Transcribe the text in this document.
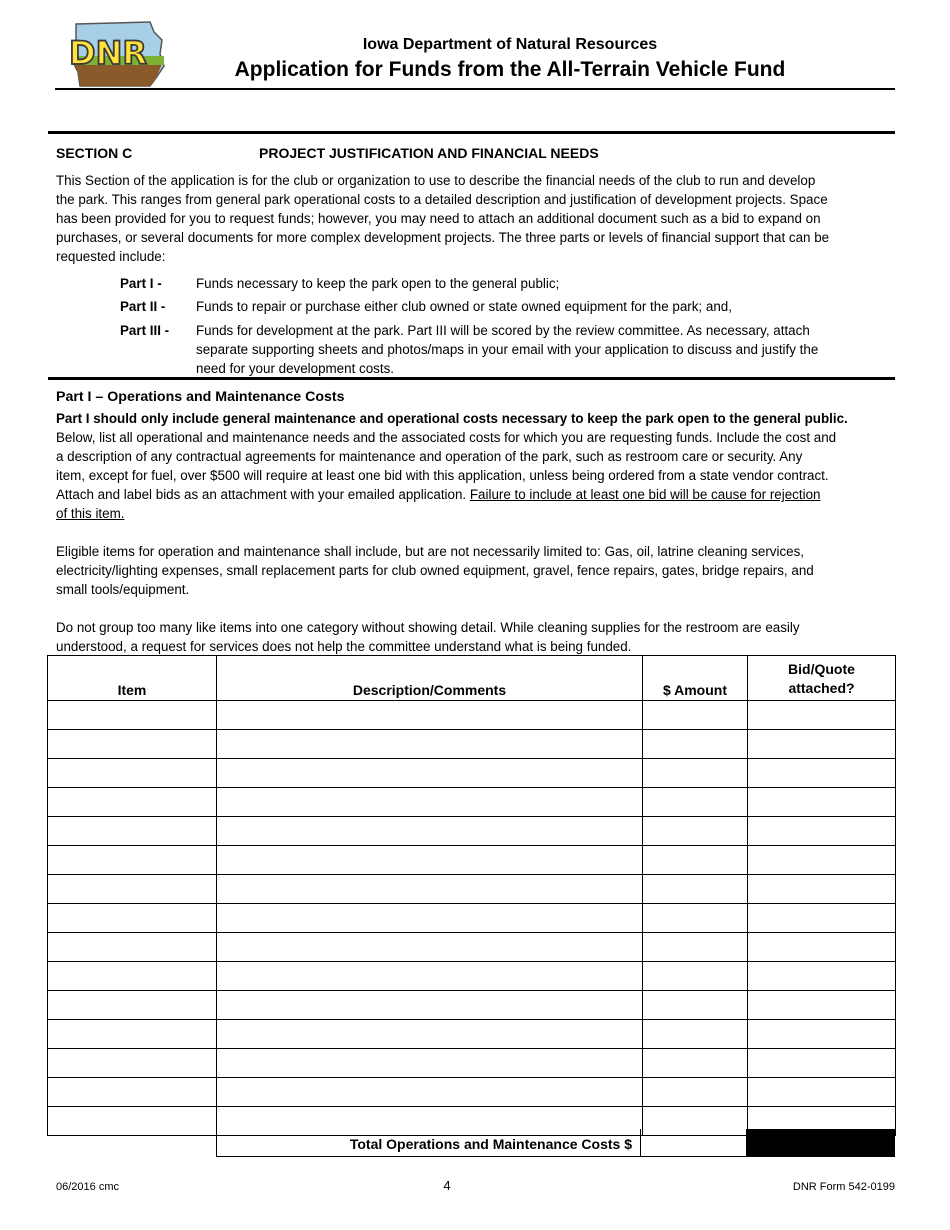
DNR	Iowa Department of Natural Resources
Application for Funds from the All-Terrain Vehicle Fund
SECTION C	PROJECT JUSTIFICATION AND FINANCIAL NEEDS
This Section of the application is for the club or organization to use to describe the financial needs of the club to run and develop
the park. This ranges from general park operational costs to a detailed description and justification of development projects. Space
has been provided for you to request funds; however, you may need to attach an additional document such as a bid to expand on
purchases, or several documents for more complex development projects. The three parts or levels of financial support that can be
requested include:
Part I -	Funds necessary to keep the park open to the general public;
Part II - Funds to repair or purchase either club owned or state owned equipment for the park; and,
Part III - Funds for development at the park. Part III will be scored by the review committee. As necessary, attach
separate supporting sheets and photos/maps in your email with your application to discuss and justify the
need for your development costs.
Part I – Operations and Maintenance Costs

Part I should only include general maintenance and operational costs necessary to keep the park open to the general public.

Below, list all operational and maintenance needs and the associated costs for which you are requesting funds. Include the cost and

a description of any contractual agreements for maintenance and operation of the park, such as restroom care or security. Any

item, except for fuel, over $500 will require at least one bid with this application, unless being ordered from a state vendor contract.

Attach and label bids as an attachment with your emailed application. Failure to include at least one bid will be cause for rejection

of this item.

Eligible items for operation and maintenance shall include, but are not necessarily limited to: Gas, oil, latrine cleaning services,

electricity/lighting expenses, small replacement parts for club owned equipment, gravel, fence repairs, gates, bridge repairs, and

small tools/equipment.

Do not group too many like items into one category without showing detail. While cleaning supplies for the restroom are easily

understood, a request for services does not help the committee understand what is being funded.

Item	Description/Comments	$ Amount	Bid/Quote
attached?

Total Operations and Maintenance Costs $
06/2016 cmc	4	DNR Form 542-0199
